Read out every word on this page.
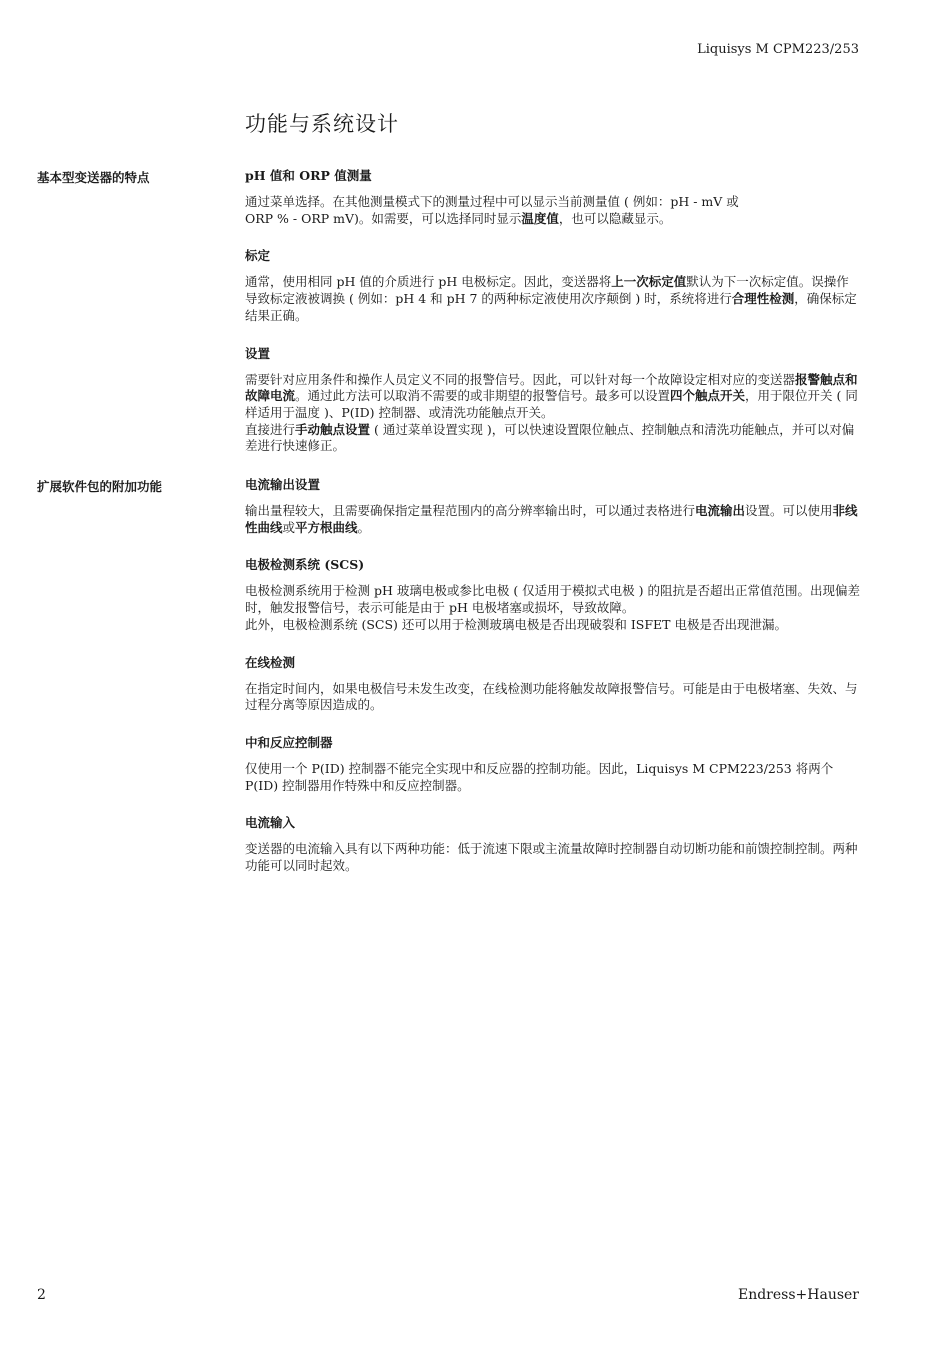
Liquisys M CPM223/253
功能与系统设计
基本型变送器的特点
扩展软件包的附加功能
pH 值和 ORP 值测量
通过菜单选择。在其他测量模式下的测量过程中可以显示当前测量值 ( 例如：pH - mV 或
ORP % - ORP mV)。如需要，可以选择同时显示温度值，也可以隐藏显示。
标定
通常，使用相同 pH 值的介质进行 pH 电极标定。因此，变送器将上一次标定值默认为下一次标定值。误操作导致标定液被调换 ( 例如：pH 4 和 pH 7 的两种标定液使用次序颠倒 ) 时，系统将进行合理性检测，确保标定结果正确。
设置
需要针对应用条件和操作人员定义不同的报警信号。因此，可以针对每一个故障设定相对应的变送器报警触点和故障电流。通过此方法可以取消不需要的或非期望的报警信号。最多可以设置四个触点开关，用于限位开关 ( 同样适用于温度 )、P(ID) 控制器、或清洗功能触点开关。
直接进行手动触点设置 ( 通过菜单设置实现 )，可以快速设置限位触点、控制触点和清洗功能触点，并可以对偏差进行快速修正。
电流输出设置
输出量程较大，且需要确保指定量程范围内的高分辨率输出时，可以通过表格进行电流输出设置。可以使用非线性曲线或平方根曲线。
电极检测系统 (SCS)
电极检测系统用于检测 pH 玻璃电极或参比电极 ( 仅适用于模拟式电极 ) 的阻抗是否超出正常值范围。出现偏差时，触发报警信号，表示可能是由于 pH 电极堵塞或损坏，导致故障。
此外，电极检测系统 (SCS) 还可以用于检测玻璃电极是否出现破裂和 ISFET 电极是否出现泄漏。
在线检测
在指定时间内，如果电极信号未发生改变，在线检测功能将触发故障报警信号。可能是由于电极堵塞、失效、与过程分离等原因造成的。
中和反应控制器
仅使用一个 P(ID) 控制器不能完全实现中和反应器的控制功能。因此，Liquisys M CPM223/253 将两个 P(ID) 控制器用作特殊中和反应控制器。
电流输入
变送器的电流输入具有以下两种功能：低于流速下限或主流量故障时控制器自动切断功能和前馈控制控制。两种功能可以同时起效。
2	Endress+Hauser
